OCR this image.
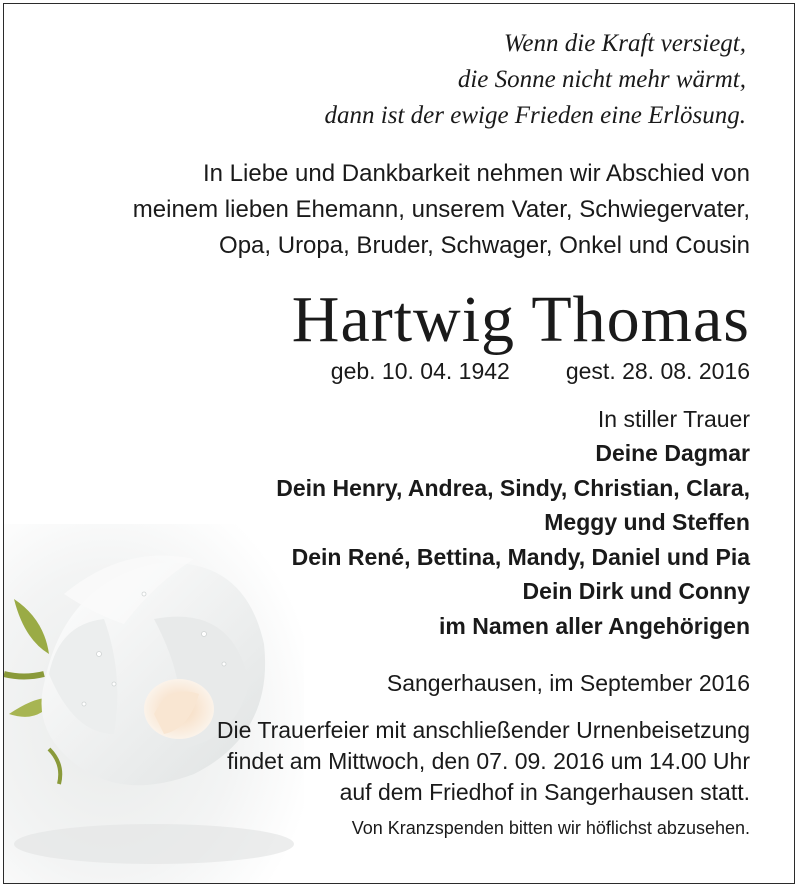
Wenn die Kraft versiegt,
die Sonne nicht mehr wärmt,
dann ist der ewige Frieden eine Erlösung.
In Liebe und Dankbarkeit nehmen wir Abschied von
meinem lieben Ehemann, unserem Vater, Schwiegervater,
Opa, Uropa, Bruder, Schwager, Onkel und Cousin
Hartwig Thomas
geb. 10. 04. 1942 gest. 28. 08. 2016
In stiller Trauer
Deine Dagmar
Dein Henry, Andrea, Sindy, Christian, Clara,
Meggy und Steffen
Dein René, Bettina, Mandy, Daniel und Pia
Dein Dirk und Conny
im Namen aller Angehörigen
Sangerhausen, im September 2016
Die Trauerfeier mit anschließender Urnenbeisetzung
findet am Mittwoch, den 07. 09. 2016 um 14.00 Uhr
auf dem Friedhof in Sangerhausen statt.
Von Kranzspenden bitten wir höflichst abzusehen.
